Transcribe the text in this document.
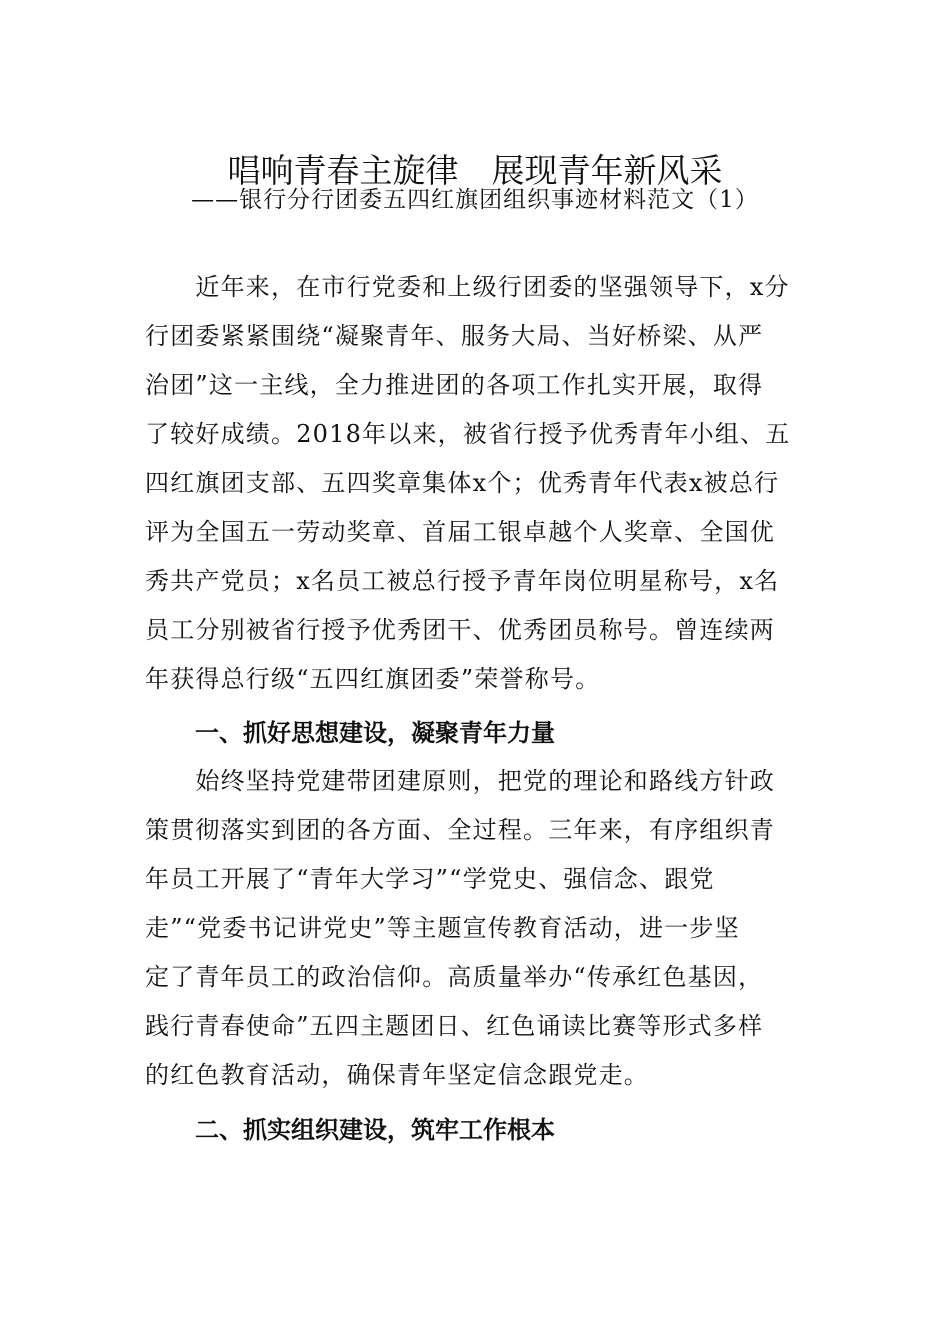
唱响青春主旋律　展现青年新风采
——银行分行团委五四红旗团组织事迹材料范文（1）
　　近年来，在市行党委和上级行团委的坚强领导下，x分
行团委紧紧围绕“凝聚青年、服务大局、当好桥梁、从严
治团”这一主线，全力推进团的各项工作扎实开展，取得
了较好成绩。2018年以来，被省行授予优秀青年小组、五
四红旗团支部、五四奖章集体x个；优秀青年代表x被总行
评为全国五一劳动奖章、首届工银卓越个人奖章、全国优
秀共产党员；x名员工被总行授予青年岗位明星称号，x名
员工分别被省行授予优秀团干、优秀团员称号。曾连续两
年获得总行级“五四红旗团委”荣誉称号。
一、抓好思想建设，凝聚青年力量
　　始终坚持党建带团建原则，把党的理论和路线方针政
策贯彻落实到团的各方面、全过程。三年来，有序组织青
年员工开展了“青年大学习”“学党史、强信念、跟党
走”“党委书记讲党史”等主题宣传教育活动，进一步坚
定了青年员工的政治信仰。高质量举办“传承红色基因，
践行青春使命”五四主题团日、红色诵读比赛等形式多样
的红色教育活动，确保青年坚定信念跟党走。
二、抓实组织建设，筑牢工作根本
